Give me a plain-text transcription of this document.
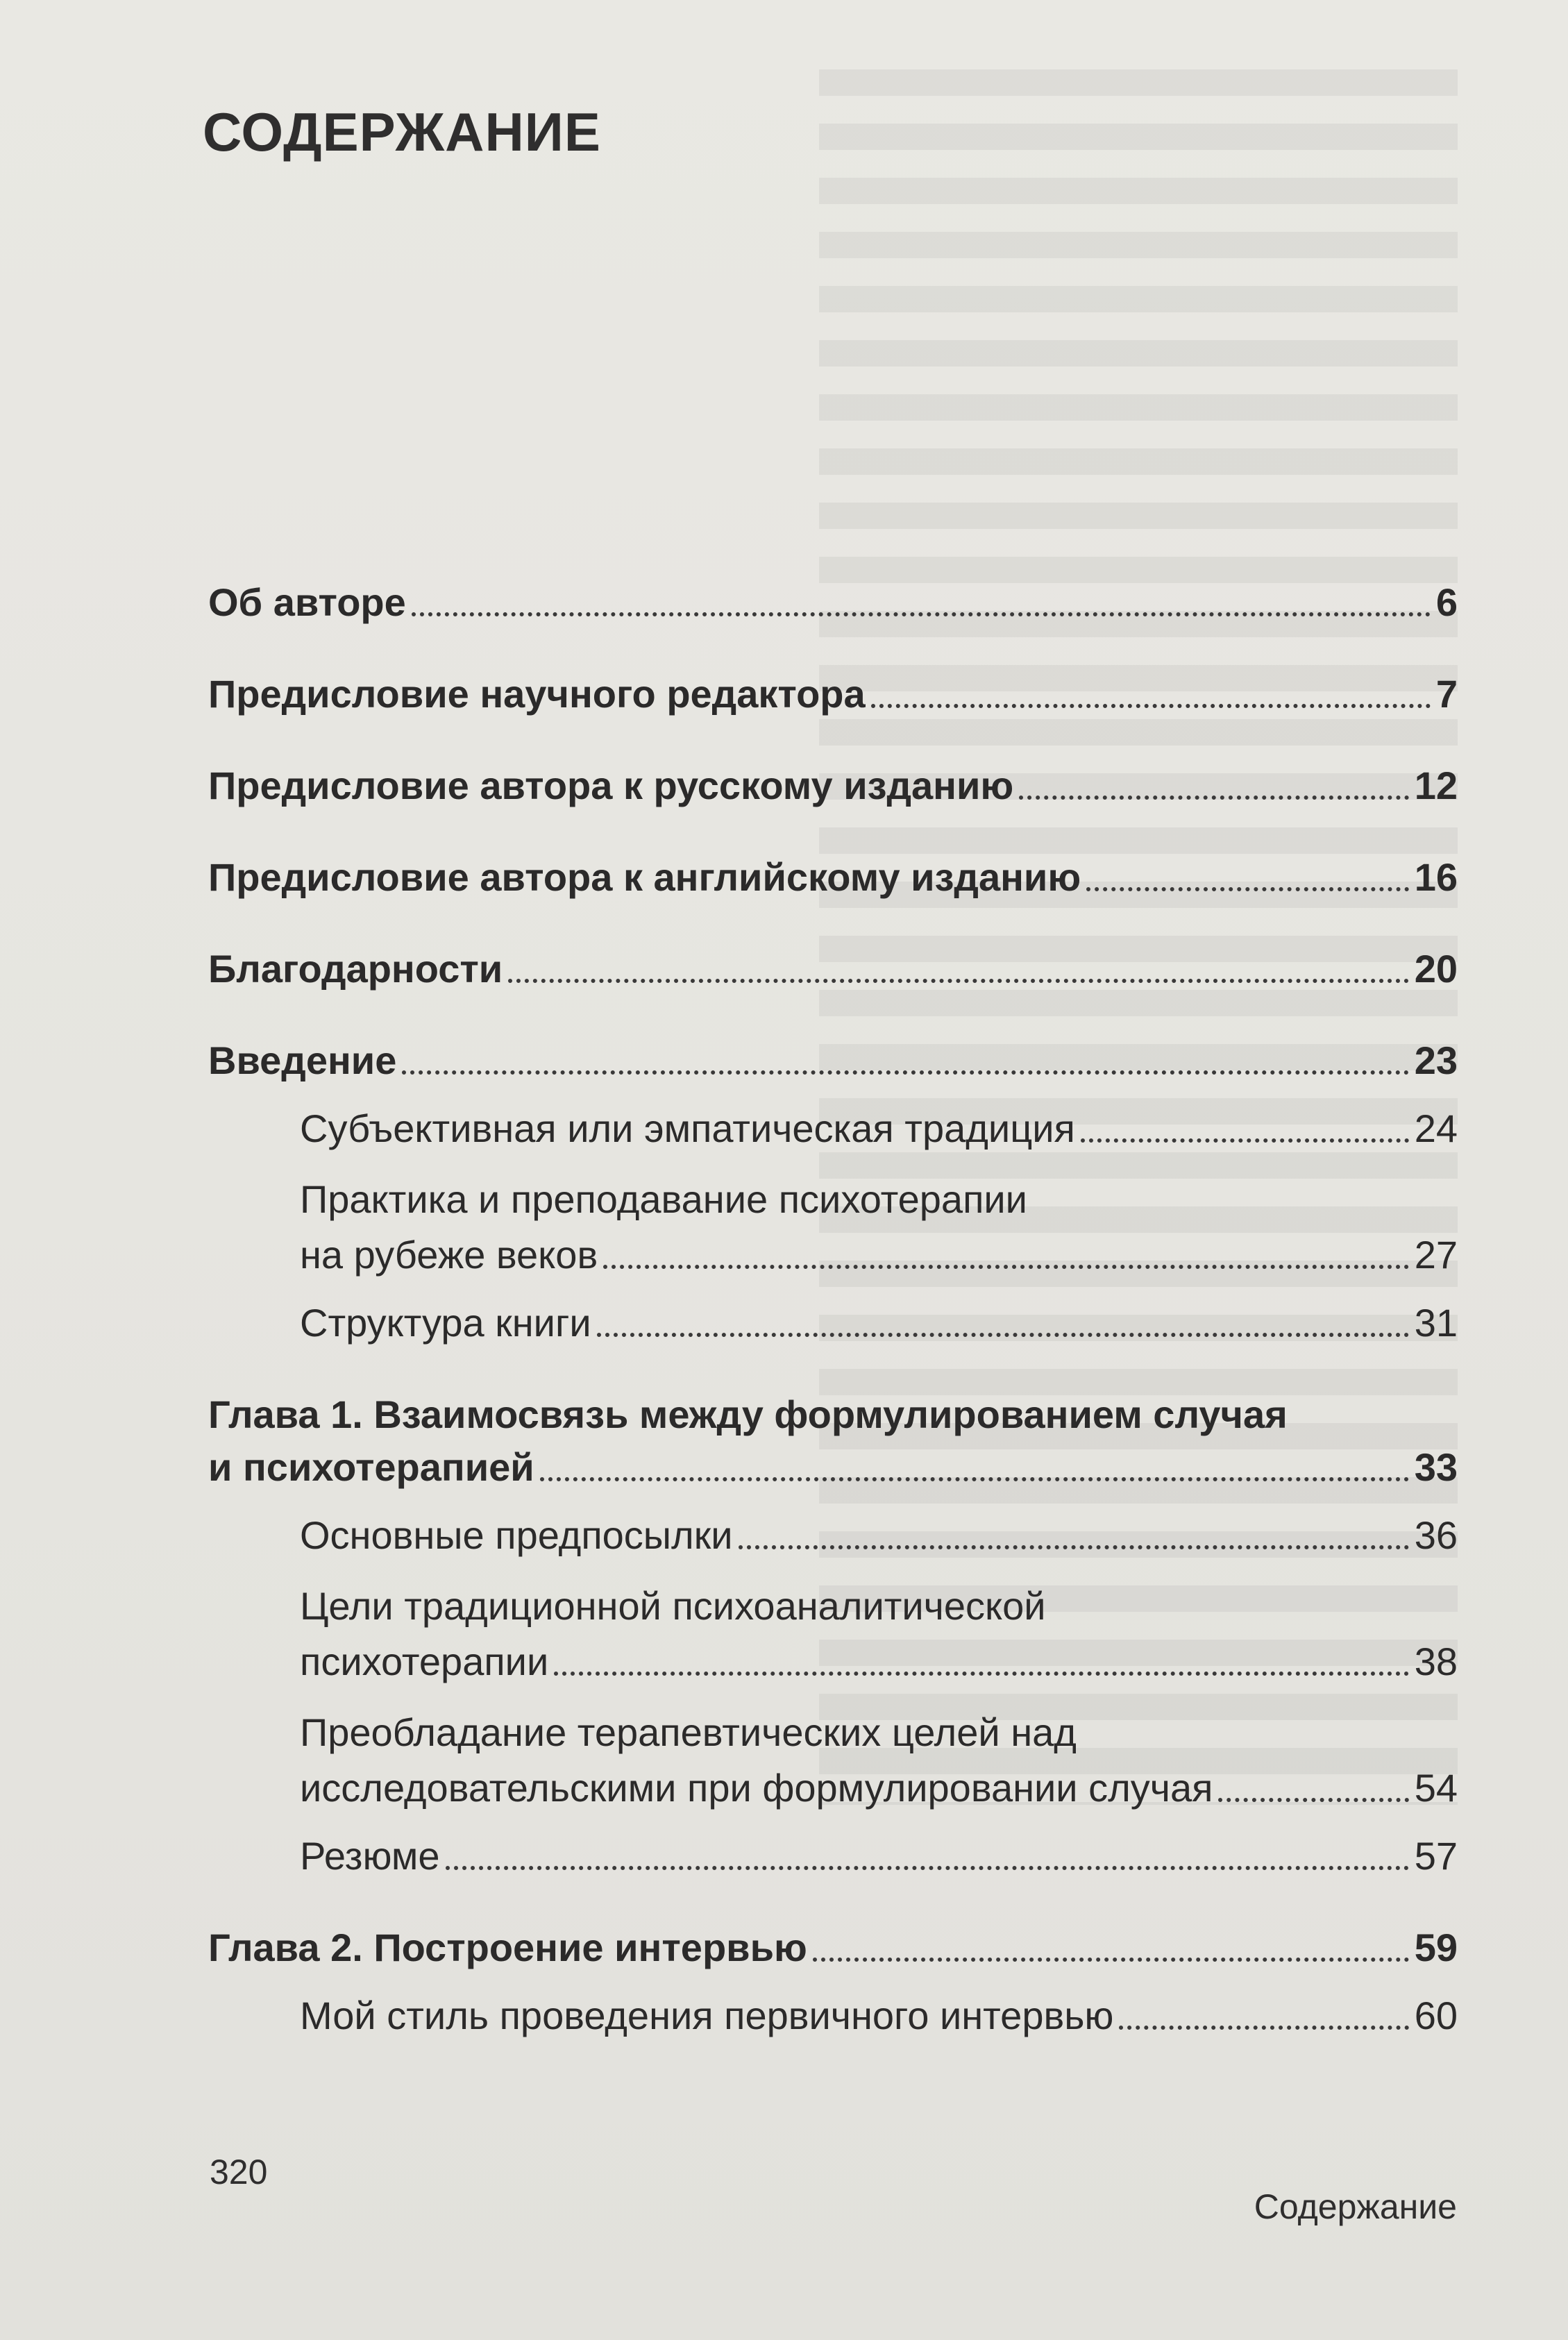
СОДЕРЖАНИЕ
Об авторе	6
Предисловие научного редактора	7
Предисловие автора к русскому изданию	12
Предисловие автора к английскому изданию	16
Благодарности	20
Введение	23
Субъективная или эмпатическая традиция	24
Практика и преподавание психотерапии
на рубеже веков	27
Структура книги	31
Глава 1. Взаимосвязь между формулированием случая
и психотерапией	33
Основные предпосылки	36
Цели традиционной психоаналитической
психотерапии	38
Преобладание терапевтических целей над
исследовательскими при формулировании случая	54
Резюме	57
Глава 2. Построение интервью	59
Мой стиль проведения первичного интервью	60
320
Содержание
